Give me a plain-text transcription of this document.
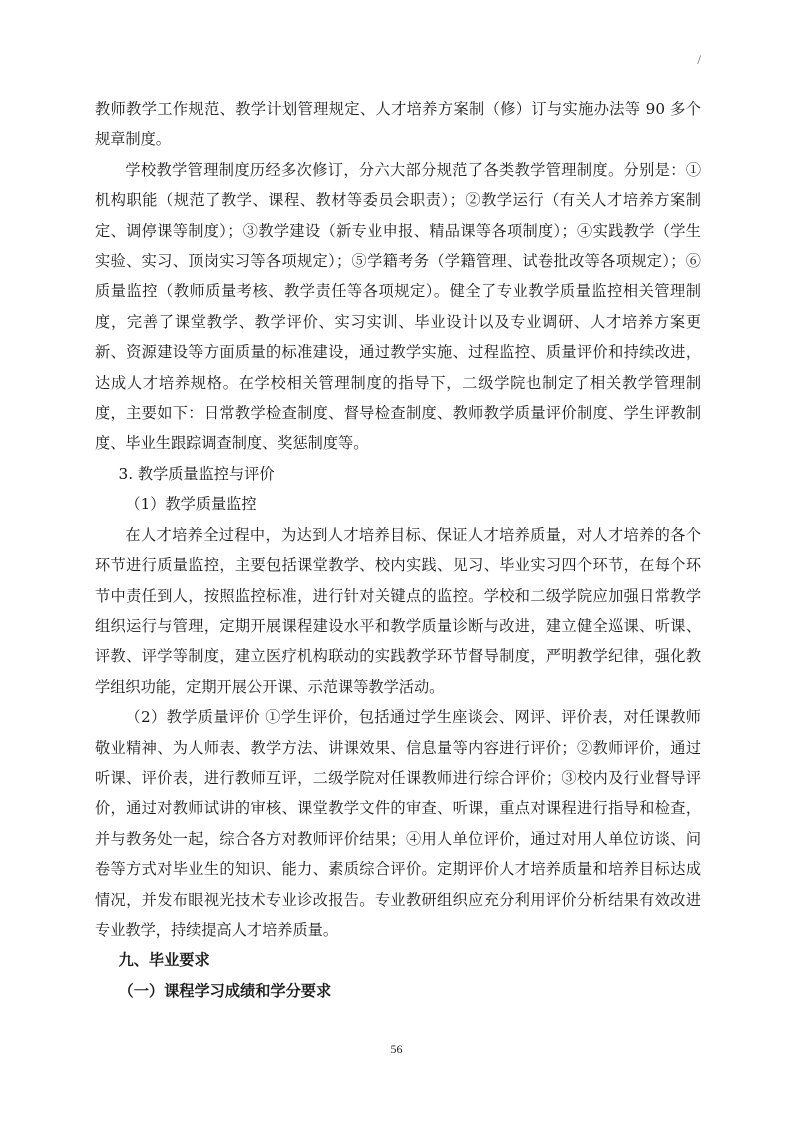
/

教师教学工作规范、教学计划管理规定、人才培养方案制（修）订与实施办法等 90 多个规章制度。

学校教学管理制度历经多次修订，分六大部分规范了各类教学管理制度。分别是：①机构职能（规范了教学、课程、教材等委员会职责）；②教学运行（有关人才培养方案制定、调停课等制度）；③教学建设（新专业申报、精品课等各项制度）；④实践教学（学生实验、实习、顶岗实习等各项规定）；⑤学籍考务（学籍管理、试卷批改等各项规定）；⑥质量监控（教师质量考核、教学责任等各项规定）。健全了专业教学质量监控相关管理制度，完善了课堂教学、教学评价、实习实训、毕业设计以及专业调研、人才培养方案更新、资源建设等方面质量的标准建设，通过教学实施、过程监控、质量评价和持续改进，达成人才培养规格。在学校相关管理制度的指导下，二级学院也制定了相关教学管理制度，主要如下：日常教学检查制度、督导检查制度、教师教学质量评价制度、学生评教制度、毕业生跟踪调查制度、奖惩制度等。

3. 教学质量监控与评价

（1）教学质量监控

在人才培养全过程中，为达到人才培养目标、保证人才培养质量，对人才培养的各个环节进行质量监控，主要包括课堂教学、校内实践、见习、毕业实习四个环节，在每个环节中责任到人，按照监控标准，进行针对关键点的监控。学校和二级学院应加强日常教学组织运行与管理，定期开展课程建设水平和教学质量诊断与改进，建立健全巡课、听课、评教、评学等制度，建立医疗机构联动的实践教学环节督导制度，严明教学纪律，强化教学组织功能，定期开展公开课、示范课等教学活动。

（2）教学质量评价 ①学生评价，包括通过学生座谈会、网评、评价表，对任课教师敬业精神、为人师表、教学方法、讲课效果、信息量等内容进行评价；②教师评价，通过听课、评价表，进行教师互评，二级学院对任课教师进行综合评价；③校内及行业督导评价，通过对教师试讲的审核、课堂教学文件的审查、听课，重点对课程进行指导和检查，并与教务处一起，综合各方对教师评价结果；④用人单位评价，通过对用人单位访谈、问卷等方式对毕业生的知识、能力、素质综合评价。定期评价人才培养质量和培养目标达成情况，并发布眼视光技术专业诊改报告。专业教研组织应充分利用评价分析结果有效改进专业教学，持续提高人才培养质量。

九、毕业要求

（一）课程学习成绩和学分要求

56
